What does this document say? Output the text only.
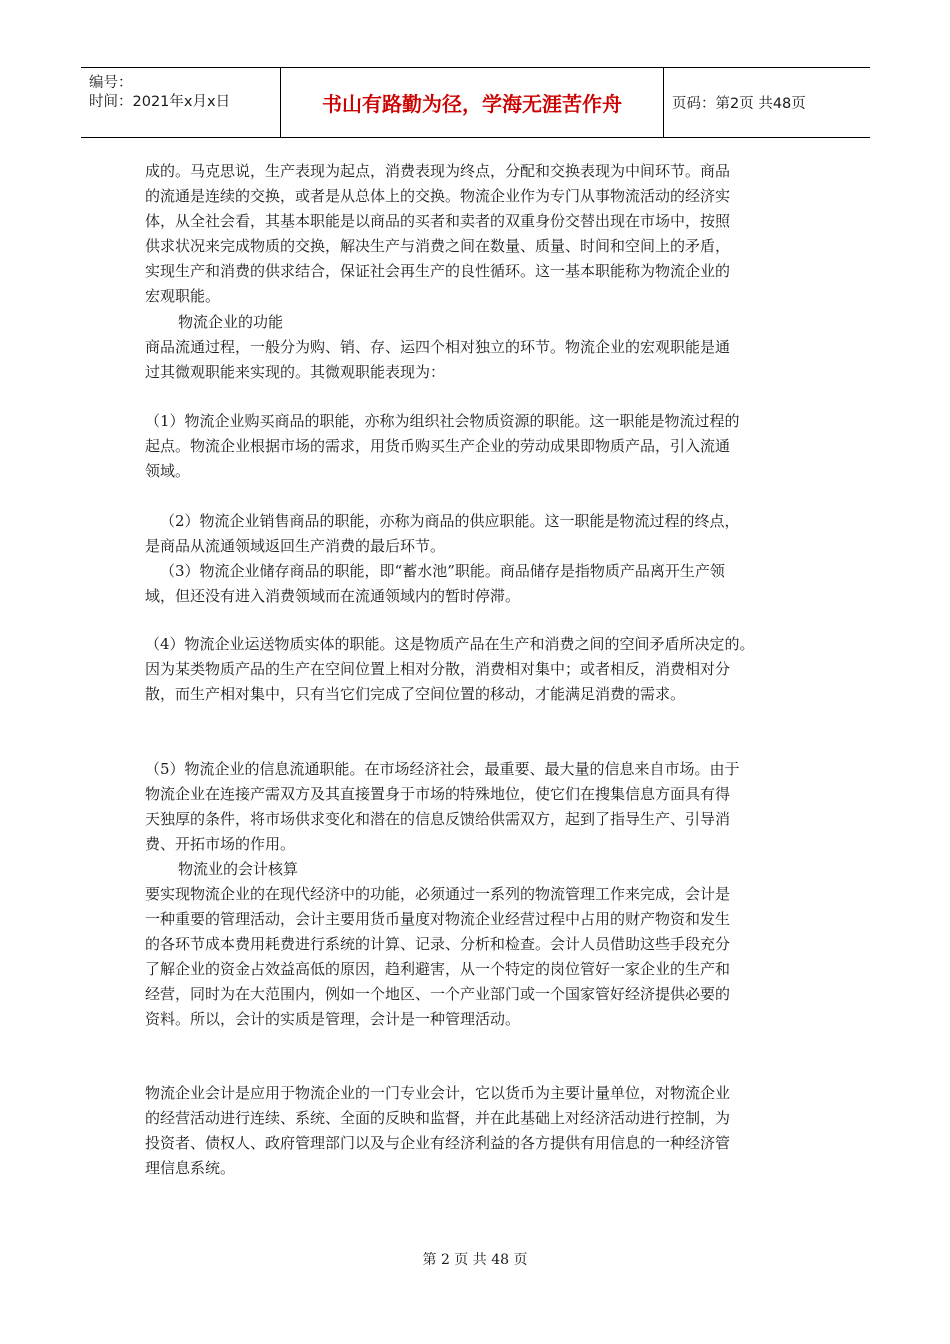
编号：
时间：2021年x月x日	书山有路勤为径，学海无涯苦作舟	页码：第2页 共48页
成的。马克思说，生产表现为起点，消费表现为终点，分配和交换表现为中间环节。商品
的流通是连续的交换，或者是从总体上的交换。物流企业作为专门从事物流活动的经济实
体，从全社会看，其基本职能是以商品的买者和卖者的双重身份交替出现在市场中，按照
供求状况来完成物质的交换，解决生产与消费之间在数量、质量、时间和空间上的矛盾，
实现生产和消费的供求结合，保证社会再生产的良性循环。这一基本职能称为物流企业的
宏观职能。
物流企业的功能
商品流通过程，一般分为购、销、存、运四个相对独立的环节。物流企业的宏观职能是通
过其微观职能来实现的。其微观职能表现为：
（1）物流企业购买商品的职能，亦称为组织社会物质资源的职能。这一职能是物流过程的
起点。物流企业根据市场的需求，用货币购买生产企业的劳动成果即物质产品，引入流通
领域。
（2）物流企业销售商品的职能，亦称为商品的供应职能。这一职能是物流过程的终点，
是商品从流通领域返回生产消费的最后环节。
（3）物流企业储存商品的职能，即“蓄水池”职能。商品储存是指物质产品离开生产领
域，但还没有进入消费领域而在流通领域内的暂时停滞。
（4）物流企业运送物质实体的职能。这是物质产品在生产和消费之间的空间矛盾所决定的。
因为某类物质产品的生产在空间位置上相对分散，消费相对集中；或者相反，消费相对分
散，而生产相对集中，只有当它们完成了空间位置的移动，才能满足消费的需求。
（5）物流企业的信息流通职能。在市场经济社会，最重要、最大量的信息来自市场。由于
物流企业在连接产需双方及其直接置身于市场的特殊地位，使它们在搜集信息方面具有得
天独厚的条件，将市场供求变化和潜在的信息反馈给供需双方，起到了指导生产、引导消
费、开拓市场的作用。
物流业的会计核算
要实现物流企业的在现代经济中的功能，必须通过一系列的物流管理工作来完成，会计是
一种重要的管理活动，会计主要用货币量度对物流企业经营过程中占用的财产物资和发生
的各环节成本费用耗费进行系统的计算、记录、分析和检查。会计人员借助这些手段充分
了解企业的资金占效益高低的原因，趋利避害，从一个特定的岗位管好一家企业的生产和
经营，同时为在大范围内，例如一个地区、一个产业部门或一个国家管好经济提供必要的
资料。所以，会计的实质是管理，会计是一种管理活动。
物流企业会计是应用于物流企业的一门专业会计，它以货币为主要计量单位，对物流企业
的经营活动进行连续、系统、全面的反映和监督，并在此基础上对经济活动进行控制，为
投资者、债权人、政府管理部门以及与企业有经济利益的各方提供有用信息的一种经济管
理信息系统。
第 2 页 共 48 页
